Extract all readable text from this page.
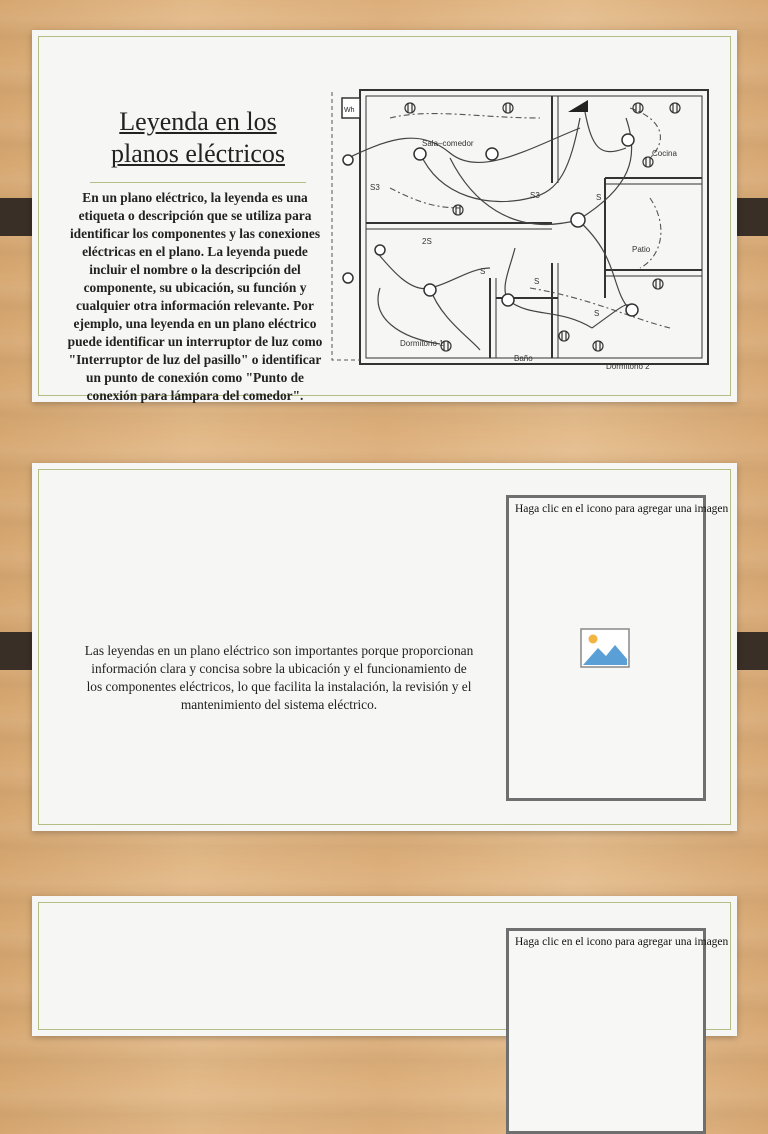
Leyenda en los planos eléctricos
En un plano eléctrico, la leyenda es una etiqueta o descripción que se utiliza para identificar los componentes y las conexiones eléctricas en el plano. La leyenda puede incluir el nombre o la descripción del componente, su ubicación, su función y cualquier otra información relevante. Por ejemplo, una leyenda en un plano eléctrico puede identificar un interruptor de luz como "Interruptor de luz del pasillo" o identificar un punto de conexión como "Punto de conexión para lámpara del comedor".
Wh
Sala–comedor
Cocina
Patio
Dormitorio 1
Dormitorio 2
Baño
S3
S3
2S
S
S
S
S
Las leyendas en un plano eléctrico son importantes porque proporcionan información clara y concisa sobre la ubicación y el funcionamiento de los componentes eléctricos, lo que facilita la instalación, la revisión y el mantenimiento del sistema eléctrico.
Haga clic en el icono para agregar una imagen
Haga clic en el icono para agregar una imagen
